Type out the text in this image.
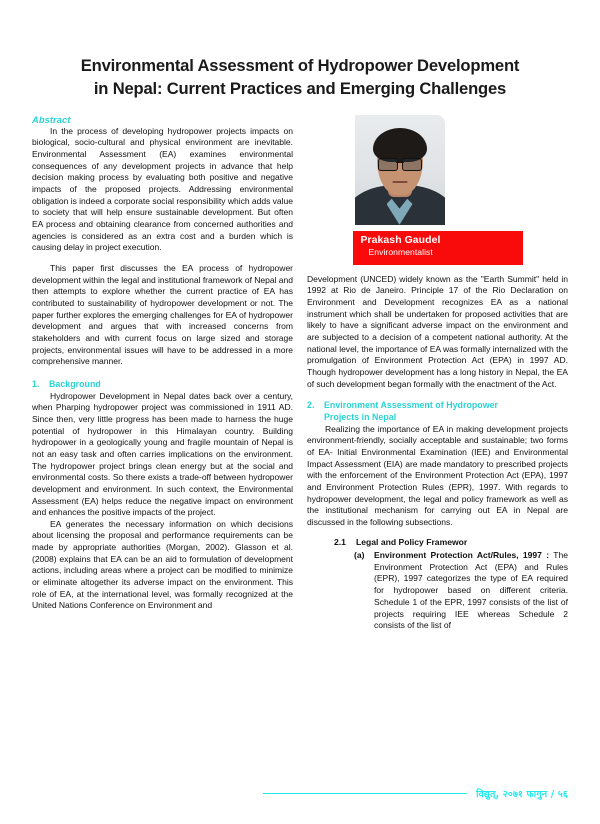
Environmental Assessment of Hydropower Development
in Nepal: Current Practices and Emerging Challenges
Abstract

In the process of developing hydropower projects impacts on biological, socio-cultural and physical environment are inevitable. Environmental Assessment (EA) examines environmental consequences of any development projects in advance that help decision making process by evaluating both positive and negative impacts of the proposed projects. Addressing environmental obligation is indeed a corporate social responsibility which adds value to society that will help ensure sustainable development. But often EA process and obtaining clearance from concerned authorities and agencies is considered as an extra cost and a burden which is causing delay in project execution.

This paper first discusses the EA process of hydropower development within the legal and institutional framework of Nepal and then attempts to explore whether the current practice of EA has contributed to sustainability of hydropower development or not. The paper further explores the emerging challenges for EA of hydropower development and argues that with increased concerns from stakeholders and with current focus on large sized and storage projects, environmental issues will have to be addressed in a more comprehensive manner.

1.	Background

Hydropower Development in Nepal dates back over a century, when Pharping hydropower project was commissioned in 1911 AD. Since then, very little progress has been made to harness the huge potential of hydropower in this Himalayan country. Building hydropower in a geologically young and fragile mountain of Nepal is not an easy task and often carries implications on the environment. The hydropower project brings clean energy but at the social and environmental costs. So there exists a trade-off between hydropower development and environment. In such context, the Environmental Assessment (EA) helps reduce the negative impact on environment and enhances the positive impacts of the project.

EA generates the necessary information on which decisions about licensing the proposal and performance requirements can be made by appropriate authorities (Morgan, 2002). Glasson et al. (2008) explains that EA can be an aid to formulation of development actions, including areas where a project can be modified to minimize or eliminate altogether its adverse impact on the environment. This role of EA, at the international level, was formally recognized at the United Nations Conference on Environment and

Prakash Gaudel
Environmentalist

Development (UNCED) widely known as the "Earth Summit" held in 1992 at Rio de Janeiro. Principle 17 of the Rio Declaration on Environment and Development recognizes EA as a national instrument which shall be undertaken for proposed activities that are likely to have a significant adverse impact on the environment and are subjected to a decision of a competent national authority. At the national level, the importance of EA was formally internalized with the promulgation of Environment Protection Act (EPA) in 1997 AD. Though hydropower development has a long history in Nepal, the EA of such development began formally with the enactment of the Act.

2.	Environment Assessment of Hydropower
Projects in Nepal

Realizing the importance of EA in making development projects environment-friendly, socially acceptable and sustainable; two forms of EA- Initial Environmental Examination (IEE) and Environmental Impact Assessment (EIA) are made mandatory to prescribed projects with the enforcement of the Environment Protection Act (EPA), 1997 and Environment Protection Rules (EPR), 1997. With regards to hydropower development, the legal and policy framework as well as the institutional mechanism for carrying out EA in Nepal are discussed in the following subsections.

2.1	Legal and Policy Framewor
(a)	Environment Protection Act/Rules, 1997 : The Environment Protection Act (EPA) and Rules (EPR), 1997 categorizes the type of EA required for hydropower based on different criteria. Schedule 1 of the EPR, 1997 consists of the list of projects requiring IEE whereas Schedule 2 consists of the list of
विद्युत्, २०७१ फागुन / ५६
